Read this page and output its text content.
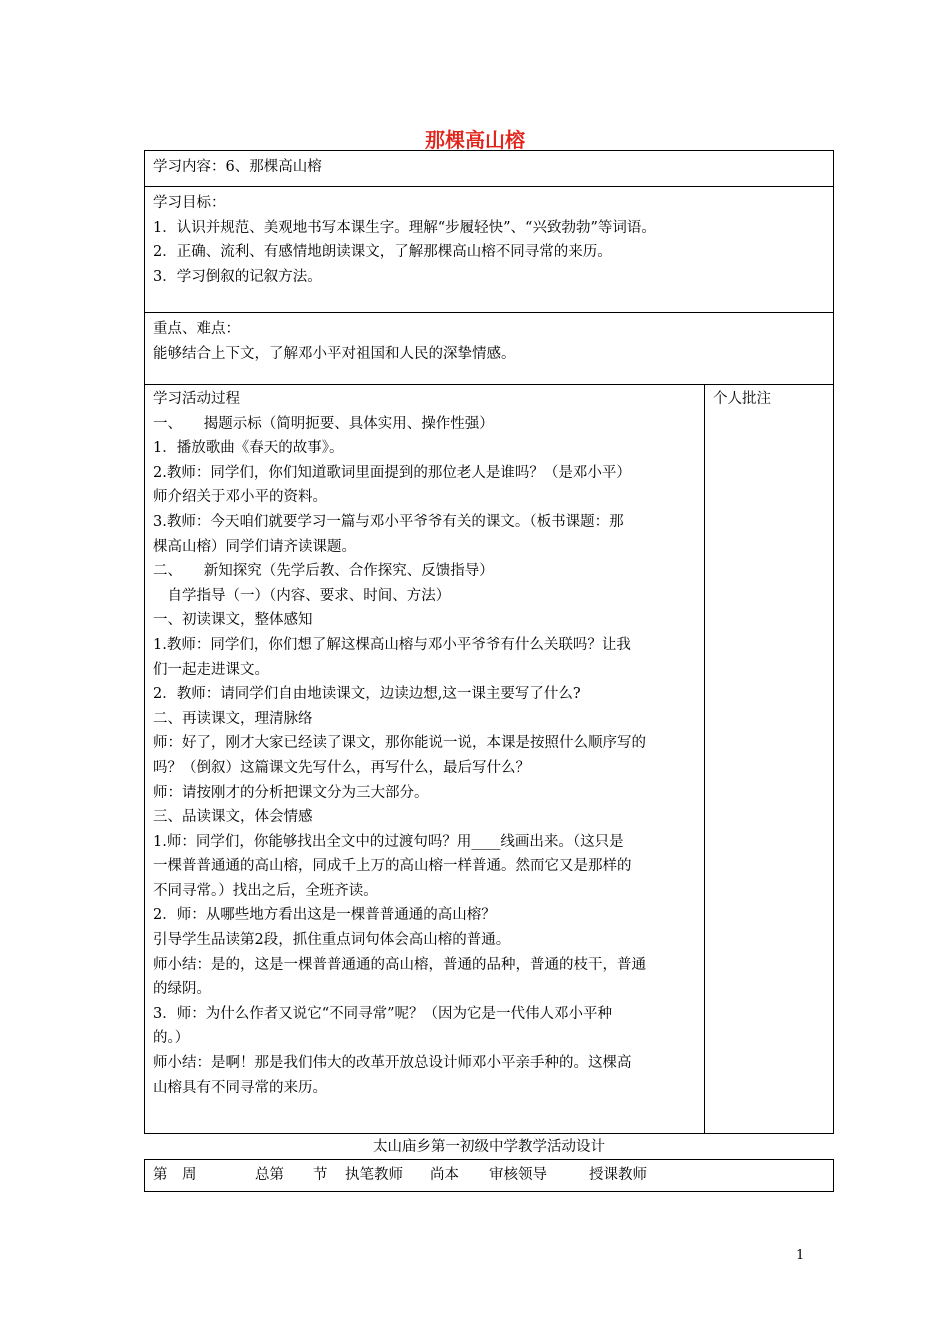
那棵高山榕
学习内容：6、那棵高山榕
学习目标：
1．认识并规范、美观地书写本课生字。理解“步履轻快”、“兴致勃勃”等词语。
2．正确、流利、有感情地朗读课文，了解那棵高山榕不同寻常的来历。
3．学习倒叙的记叙方法。
重点、难点：
能够结合上下文，了解邓小平对祖国和人民的深挚情感。
学习活动过程
一、　　揭题示标（简明扼要、具体实用、操作性强）
1．播放歌曲《春天的故事》。
2.教师：同学们，你们知道歌词里面提到的那位老人是谁吗？（是邓小平）
师介绍关于邓小平的资料。
3.教师：今天咱们就要学习一篇与邓小平爷爷有关的课文。（板书课题：那
棵高山榕）同学们请齐读课题。
二、　　新知探究（先学后教、合作探究、反馈指导）
　自学指导（一）（内容、要求、时间、方法）
一、初读课文，整体感知
1.教师：同学们，你们想了解这棵高山榕与邓小平爷爷有什么关联吗？让我
们一起走进课文。
2．教师：请同学们自由地读课文，边读边想,这一课主要写了什么?
二、再读课文，理清脉络
师：好了，刚才大家已经读了课文，那你能说一说，本课是按照什么顺序写的
吗？（倒叙）这篇课文先写什么，再写什么，最后写什么？
师：请按刚才的分析把课文分为三大部分。
三、品读课文，体会情感
1.师：同学们，你能够找出全文中的过渡句吗？用____线画出来。（这只是
一棵普普通通的高山榕，同成千上万的高山榕一样普通。然而它又是那样的
不同寻常。）找出之后，全班齐读。
2．师：从哪些地方看出这是一棵普普通通的高山榕？
引导学生品读第2段，抓住重点词句体会高山榕的普通。
师小结：是的，这是一棵普普通通的高山榕，普通的品种，普通的枝干，普通
的绿阴。
3．师：为什么作者又说它“不同寻常”呢？（因为它是一代伟人邓小平种
的。）
师小结：是啊！那是我们伟大的改革开放总设计师邓小平亲手种的。这棵高
山榕具有不同寻常的来历。
个人批注
太山庙乡第一初级中学教学活动设计
第　周	总第　　节 执笔教师 尚本 审核领导	授课教师
1
